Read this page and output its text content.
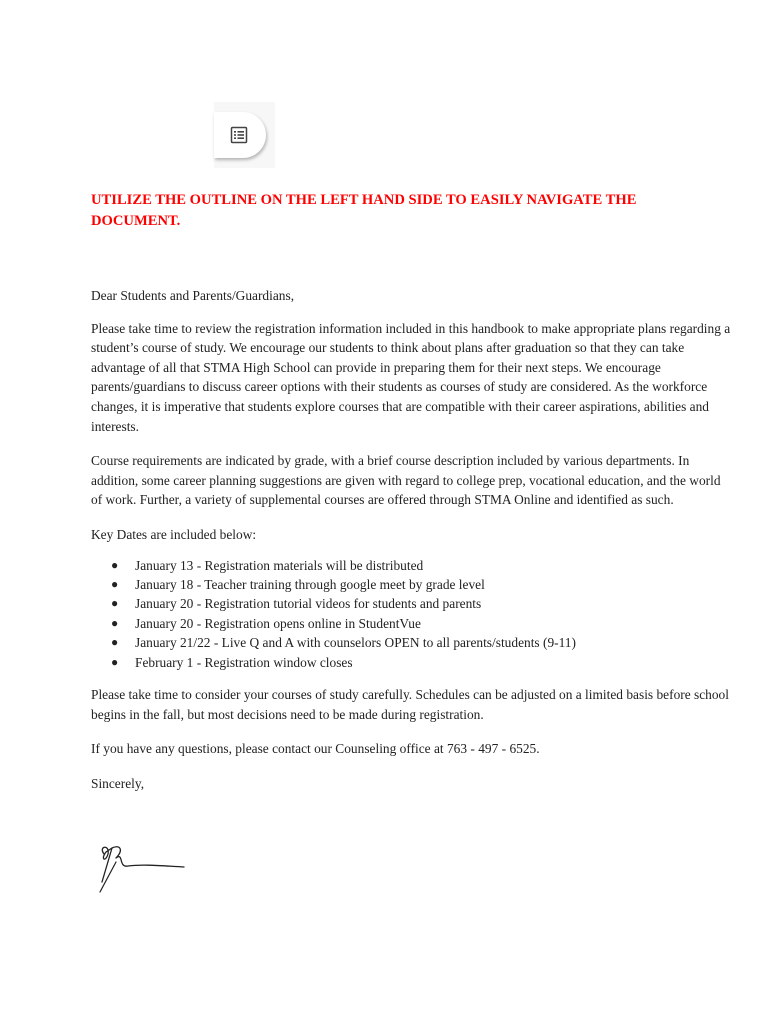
UTILIZE THE OUTLINE ON THE LEFT HAND SIDE TO EASILY NAVIGATE THE DOCUMENT.

Dear Students and Parents/Guardians,

Please take time to review the registration information included in this handbook to make appropriate plans regarding a student’s course of study. We encourage our students to think about plans after graduation so that they can take advantage of all that STMA High School can provide in preparing them for their next steps. We encourage parents/guardians to discuss career options with their students as courses of study are considered. As the workforce changes, it is imperative that students explore courses that are compatible with their career aspirations, abilities and interests.

Course requirements are indicated by grade, with a brief course description included by various departments. In addition, some career planning suggestions are given with regard to college prep, vocational education, and the world of work. Further, a variety of supplemental courses are offered through STMA Online and identified as such.

Key Dates are included below:

● January 13 - Registration materials will be distributed
● January 18 - Teacher training through google meet by grade level
● January 20 - Registration tutorial videos for students and parents
● January 20 - Registration opens online in StudentVue
● January 21/22 - Live Q and A with counselors OPEN to all parents/students (9-11)
● February 1 - Registration window closes

Please take time to consider your courses of study carefully. Schedules can be adjusted on a limited basis before school begins in the fall, but most decisions need to be made during registration.

If you have any questions, please contact our Counseling office at 763 - 497 - 6525.

Sincerely,
